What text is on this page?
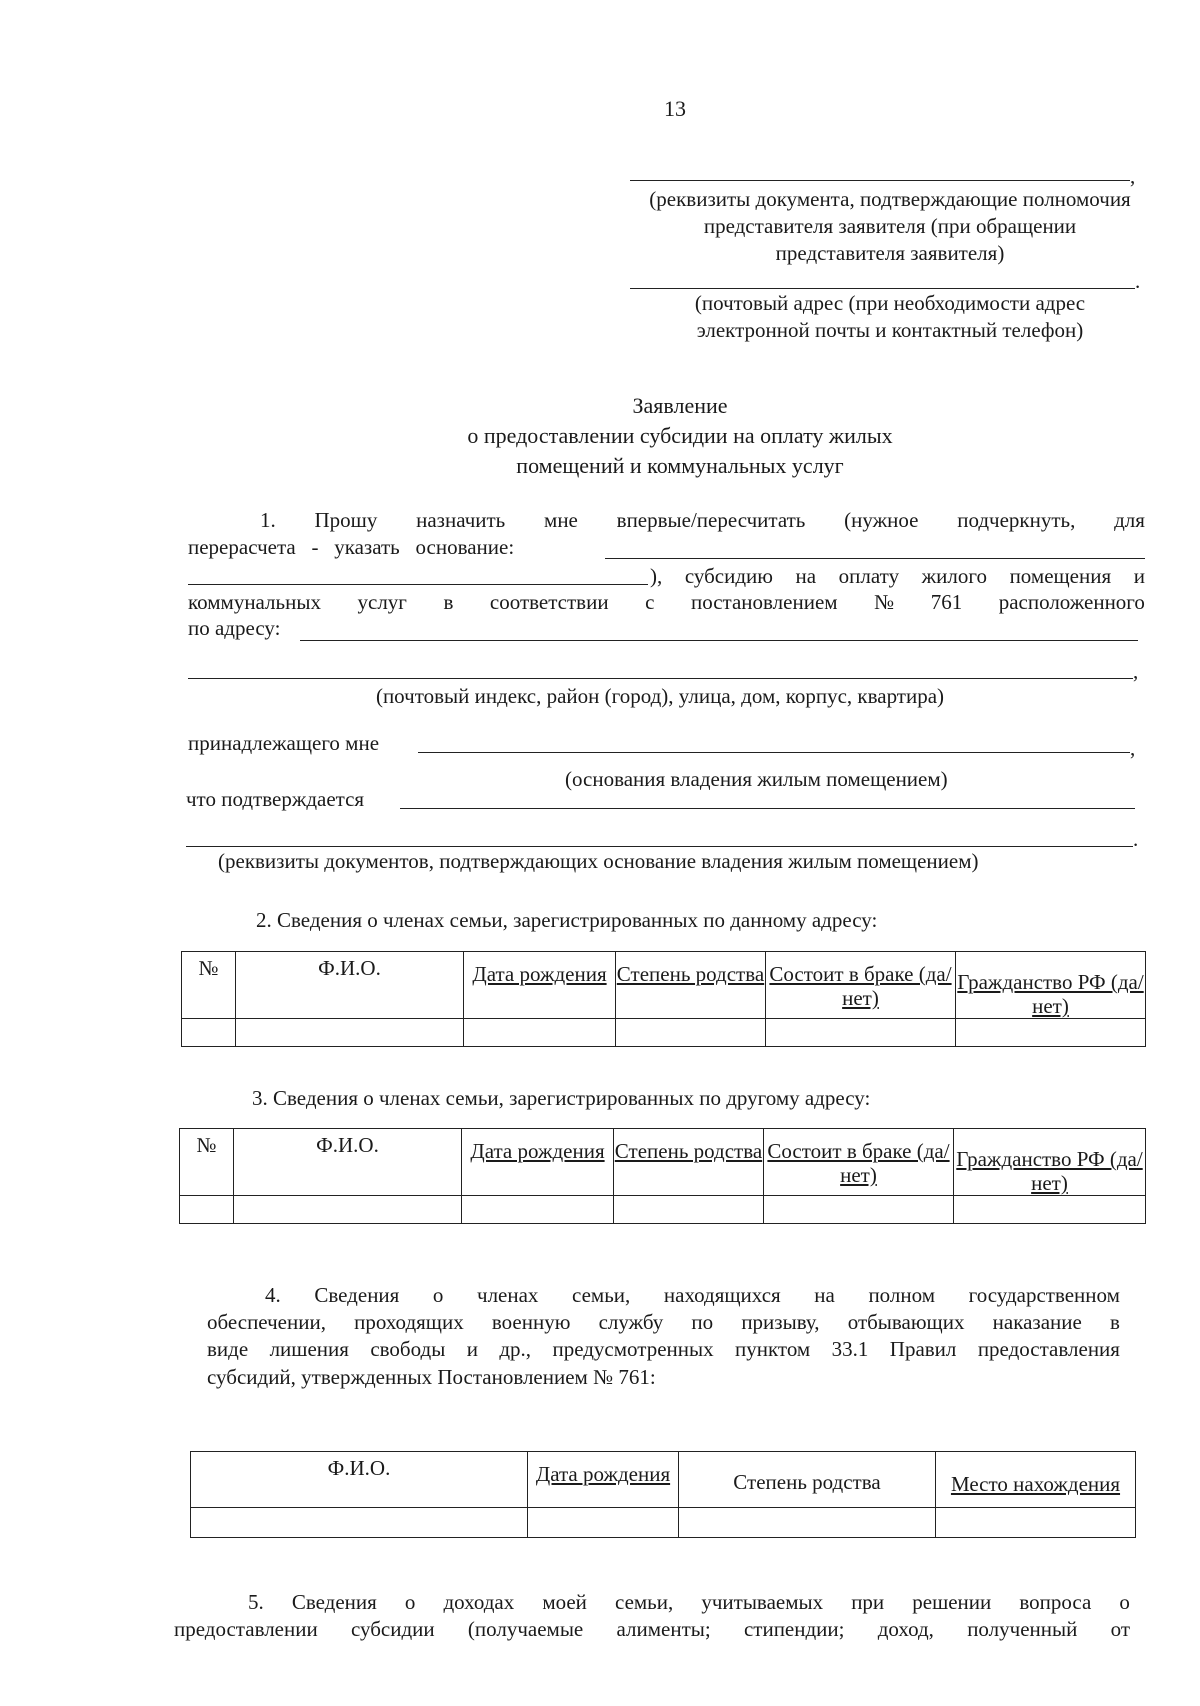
13
,
(реквизиты документа, подтверждающие полномочия
представителя заявителя (при обращении
представителя заявителя)
.
(почтовый адрес (при необходимости адрес
электронной почты и контактный телефон)
Заявление
о предоставлении субсидии на оплату жилых
помещений и коммунальных услуг
1. Прошу назначить мне впервые/пересчитать (нужное подчеркнуть, для
перерасчета   -   указать   основание:
), субсидию на оплату жилого помещения и
коммунальных услуг в соответствии с постановлением № 761 расположенного
по адресу:
,
(почтовый индекс, район (город), улица, дом, корпус, квартира)
принадлежащего мне	,
(основания владения жилым помещением)
что подтверждается
.
(реквизиты документов, подтверждающих основание владения жилым помещением)
2. Сведения о членах семьи, зарегистрированных по данному адресу:
№	Ф.И.О.	Дата рождения	Степень родства	Состоит в браке (да/нет)	Гражданство РФ (да/нет)

3. Сведения о членах семьи, зарегистрированных по другому адресу:
№	Ф.И.О.	Дата рождения	Степень родства	Состоит в браке (да/нет)	Гражданство РФ (да/нет)

4. Сведения о членах семьи, находящихся на полном государственном
обеспечении, проходящих военную службу по призыву, отбывающих наказание в
виде лишения свободы и др., предусмотренных пунктом 33.1 Правил предоставления
субсидий, утвержденных Постановлением № 761:
Ф.И.О.	Дата рождения	Степень родства	Место нахождения

5. Сведения о доходах моей семьи, учитываемых при решении вопроса о
предоставлении субсидии (получаемые алименты; стипендии; доход, полученный от
